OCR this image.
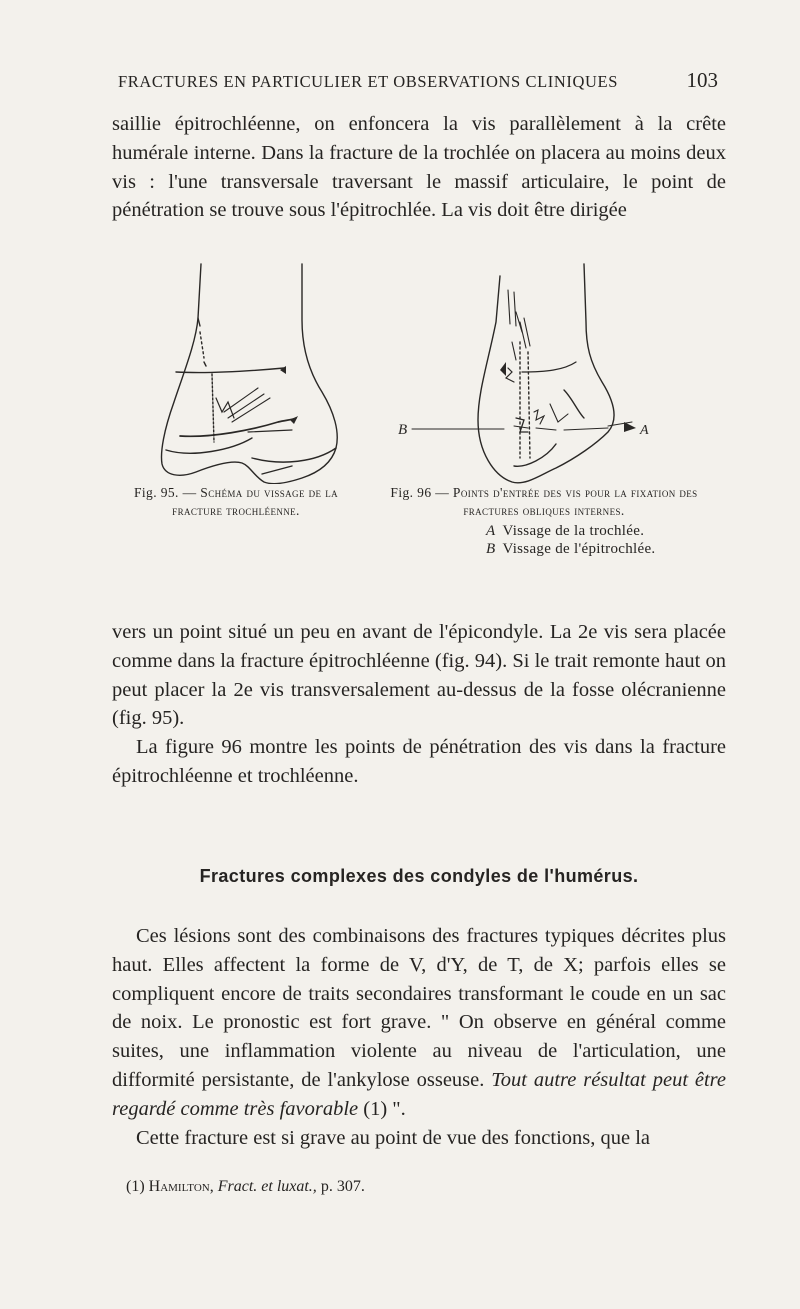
FRACTURES EN PARTICULIER ET OBSERVATIONS CLINIQUES	103

saillie épitrochléenne, on enfoncera la vis parallèlement à la crête humérale interne. Dans la fracture de la trochlée on placera au moins deux vis : l'une transversale traversant le massif articulaire, le point de pénétration se trouve sous l'épitrochlée. La vis doit être dirigée

B	A
Fig. 95. — Schéma du vissage de la fracture trochléenne.
Fig. 96 — Points d'entrée des vis pour la fixation des fractures obliques internes.
A Vissage de la trochlée.
B Vissage de l'épitrochlée.

vers un point situé un peu en avant de l'épicondyle. La 2e vis sera placée comme dans la fracture épitrochléenne (fig. 94). Si le trait remonte haut on peut placer la 2e vis transversalement au-dessus de la fosse olécranienne (fig. 95).

La figure 96 montre les points de pénétration des vis dans la fracture épitrochléenne et trochléenne.

Fractures complexes des condyles de l'humérus.

Ces lésions sont des combinaisons des fractures typiques décrites plus haut. Elles affectent la forme de V, d'Y, de T, de X; parfois elles se compliquent encore de traits secondaires transformant le coude en un sac de noix. Le pronostic est fort grave. " On observe en général comme suites, une inflammation violente au niveau de l'articulation, une difformité persistante, de l'ankylose osseuse. Tout autre résultat peut être regardé comme très favorable (1) ".

Cette fracture est si grave au point de vue des fonctions, que la

(1) Hamilton, Fract. et luxat., p. 307.
